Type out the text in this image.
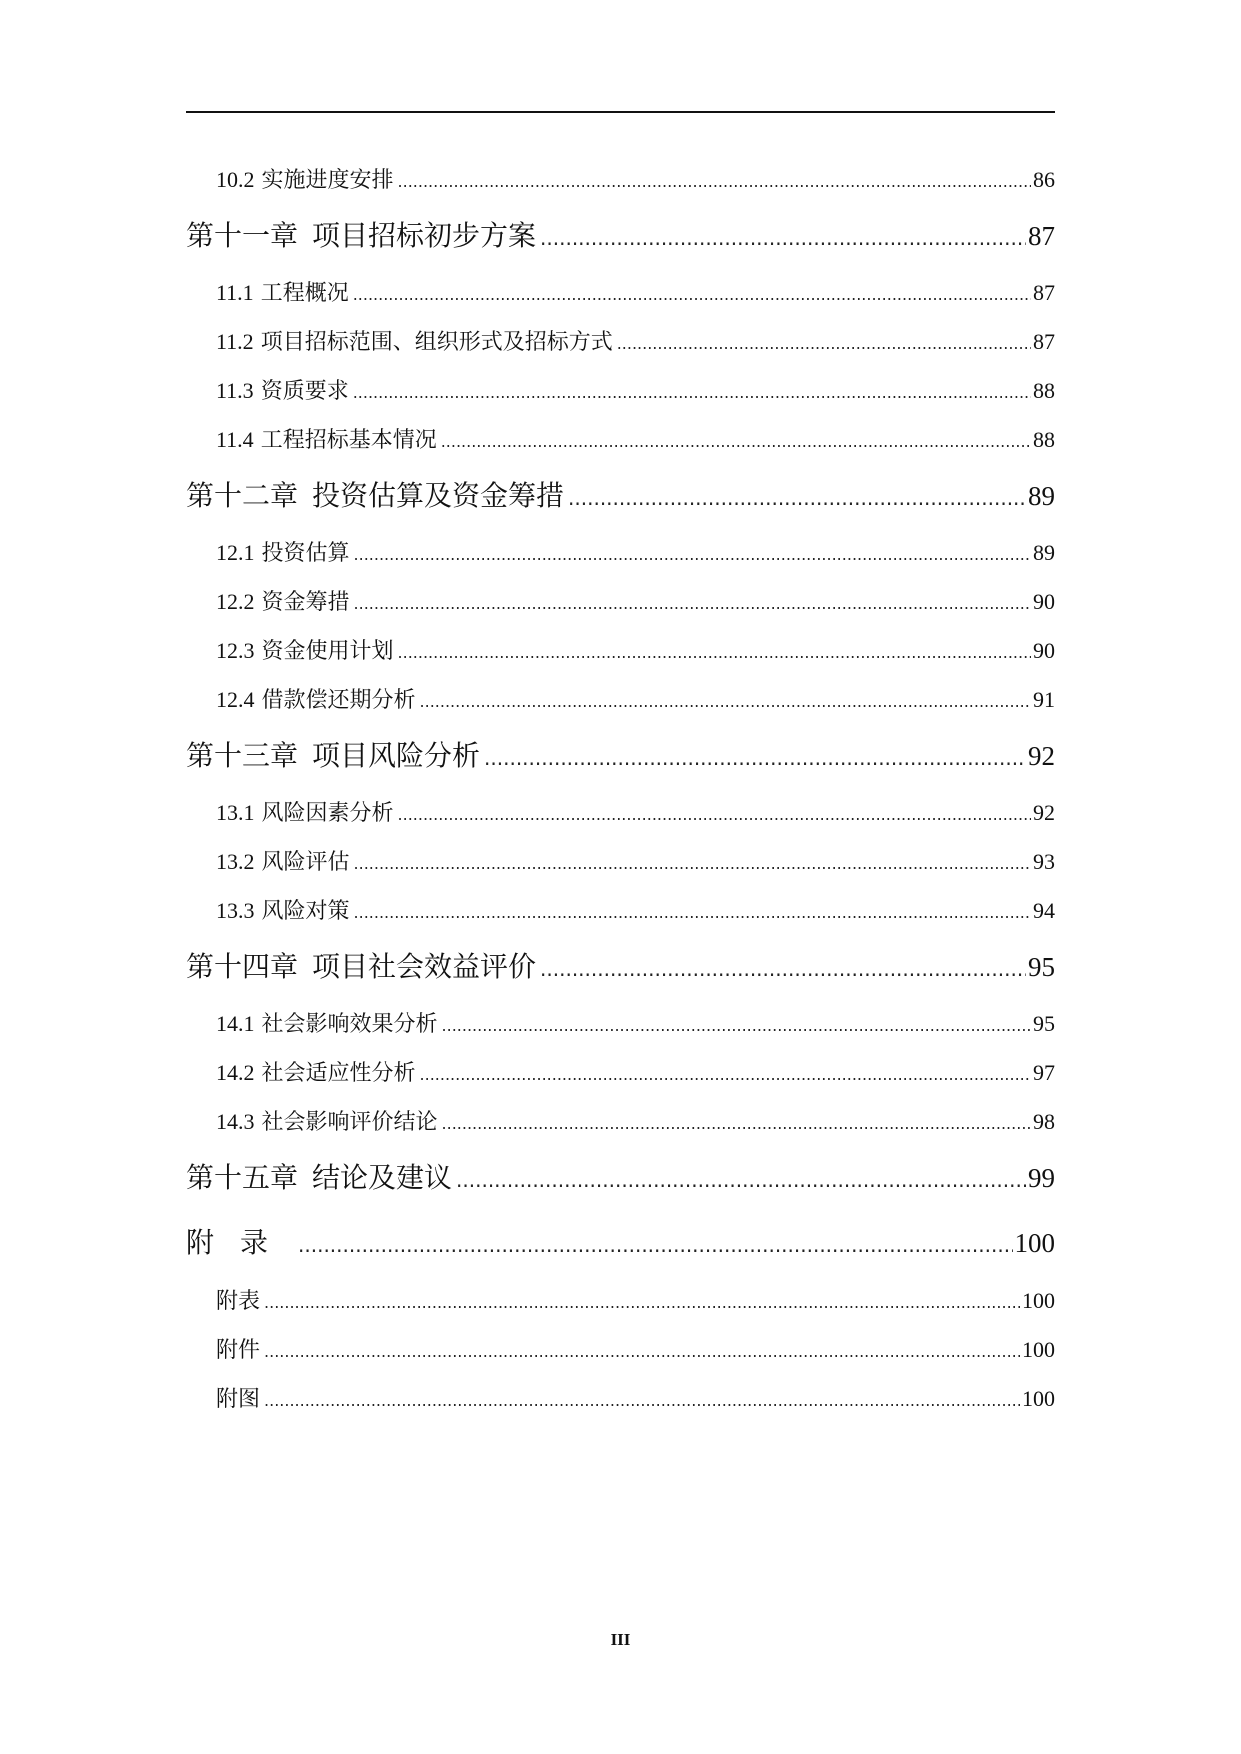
10.2 实施进度安排 .....	86
第十一章 项目招标初步方案 .....	87
11.1 工程概况 .....	87
11.2 项目招标范围、组织形式及招标方式 .....	87
11.3 资质要求 .....	88
11.4 工程招标基本情况 .....	88
第十二章 投资估算及资金筹措 .....	89
12.1 投资估算 .....	89
12.2 资金筹措 .....	90
12.3 资金使用计划 .....	90
12.4 借款偿还期分析 .....	91
第十三章 项目风险分析 .....	92
13.1 风险因素分析 .....	92
13.2 风险评估 .....	93
13.3 风险对策 .....	94
第十四章 项目社会效益评价 .....	95
14.1 社会影响效果分析 .....	95
14.2 社会适应性分析 .....	97
14.3 社会影响评价结论 .....	98
第十五章 结论及建议 .....	99
附录 .....	100
附表 .....	100
附件 .....	100
附图 .....	100
III
